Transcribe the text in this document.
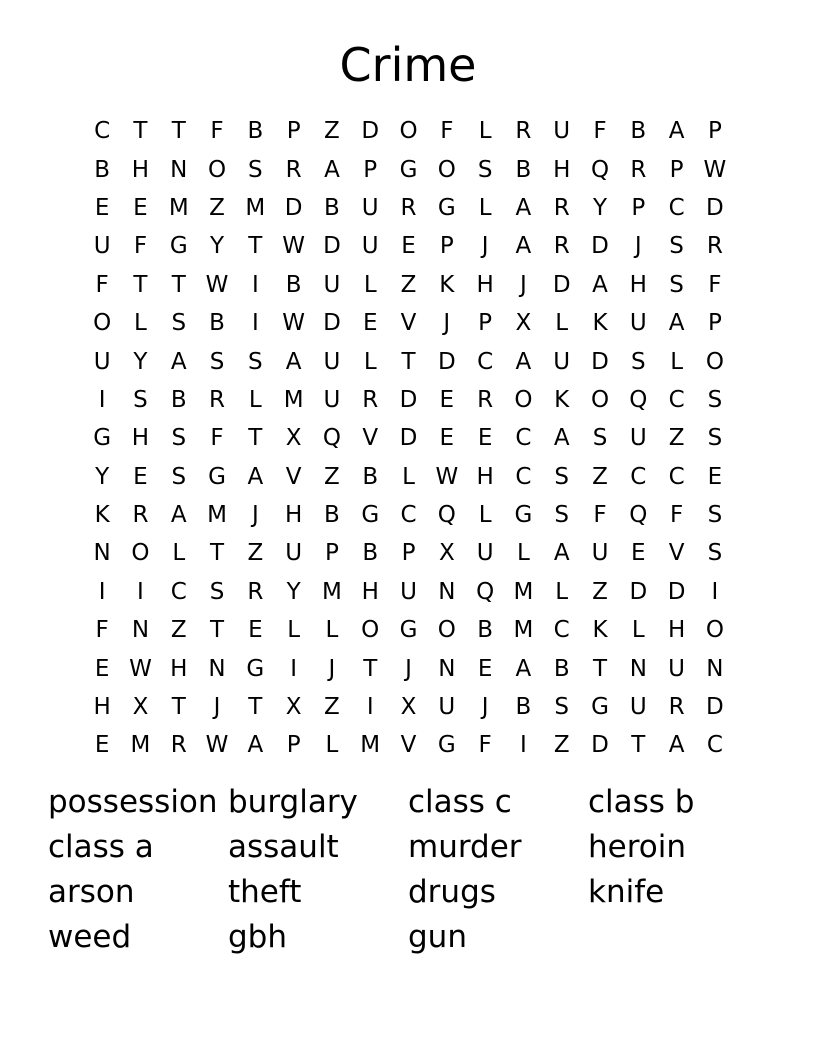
Crime
C	T	T	F	B	P	Z D O F	L	R U	F	B A	P
B H N O S	R A	P G O S	B H Q R	P W
E	E M Z M D B U R G L	A R	Y	P	C D
U	F G Y	T W D U E	P	J	A R D	J	S	R
F	T	T W	I	B U	L	Z K H	J	D A H S	F
O L	S	B	I	W D E	V	J	P	X	L	K U A	P
U Y	A	S	S	A U	L	T D C A U D S	L O
I	S	B R	L M U R D E	R O K O Q C S
G H S	F	T	X Q V D E	E C A	S U Z	S
Y	E	S G A V Z B	L W H C S	Z C C	E
K R A M	J	H B G C Q L G S	F Q F	S
N O L	T	Z U P	B	P	X U	L	A U E	V	S
I	I	C S	R	Y M H U N Q M L	Z D D	I
F	N Z	T	E	L	L O G O B M C K	L	H O
E W H N G	I	J	T	J	N E	A B	T N U N
H X	T	J	T	X Z	I	X U	J	B	S G U R D
E M R W A	P	L M V G F	I	Z D T	A C
possession burglary	class c	class b
class a	assault	murder	heroin
arson	theft	drugs	knife
weed	gbh	gun
